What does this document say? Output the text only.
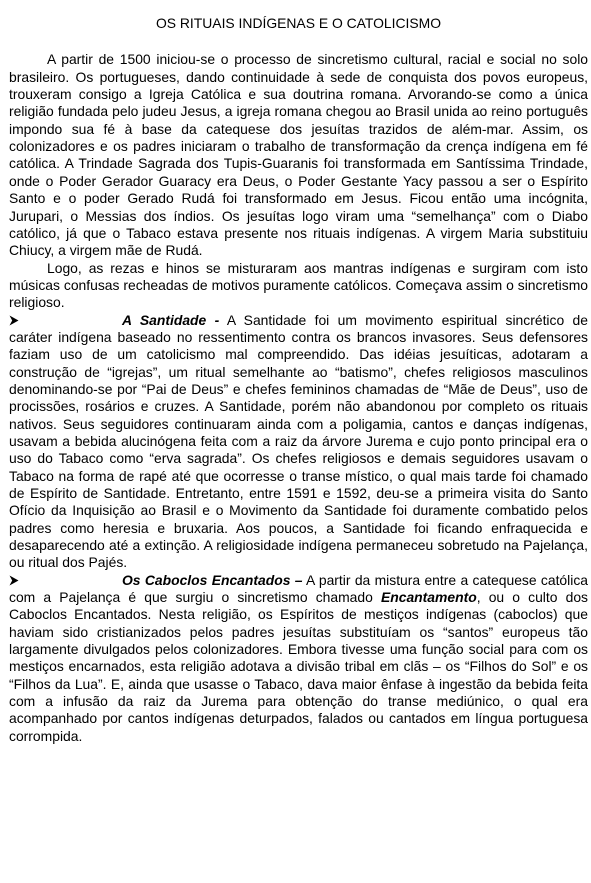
OS RITUAIS INDÍGENAS E O CATOLICISMO

A partir de 1500 iniciou-se o processo de sincretismo cultural, racial e social no solo brasileiro. Os portugueses, dando continuidade à sede de conquista dos povos europeus, trouxeram consigo a Igreja Católica e sua doutrina romana. Arvorando-se como a única religião fundada pelo judeu Jesus, a igreja romana chegou ao Brasil unida ao reino português impondo sua fé à base da catequese dos jesuítas trazidos de além-mar. Assim, os colonizadores e os padres iniciaram o trabalho de transformação da crença indígena em fé católica. A Trindade Sagrada dos Tupis-Guaranis foi transformada em Santíssima Trindade, onde o Poder Gerador Guaracy era Deus, o Poder Gestante Yacy passou a ser o Espírito Santo e o poder Gerado Rudá foi transformado em Jesus. Ficou então uma incógnita, Jurupari, o Messias dos índios. Os jesuítas logo viram uma “semelhança” com o Diabo católico, já que o Tabaco estava presente nos rituais indígenas. A virgem Maria substituiu Chiucy, a virgem mãe de Rudá.

Logo, as rezas e hinos se misturaram aos mantras indígenas e surgiram com isto músicas confusas recheadas de motivos puramente católicos. Começava assim o sincretismo religioso.

A Santidade - A Santidade foi um movimento espiritual sincrético de caráter indígena baseado no ressentimento contra os brancos invasores. Seus defensores faziam uso de um catolicismo mal compreendido. Das idéias jesuíticas, adotaram a construção de “igrejas”, um ritual semelhante ao “batismo”, chefes religiosos masculinos denominando-se por “Pai de Deus” e chefes femininos chamadas de “Mãe de Deus”, uso de procissões, rosários e cruzes. A Santidade, porém não abandonou por completo os rituais nativos. Seus seguidores continuaram ainda com a poligamia, cantos e danças indígenas, usavam a bebida alucinógena feita com a raiz da árvore Jurema e cujo ponto principal era o uso do Tabaco como “erva sagrada”. Os chefes religiosos e demais seguidores usavam o Tabaco na forma de rapé até que ocorresse o transe místico, o qual mais tarde foi chamado de Espírito de Santidade. Entretanto, entre 1591 e 1592, deu-se a primeira visita do Santo Ofício da Inquisição ao Brasil e o Movimento da Santidade foi duramente combatido pelos padres como heresia e bruxaria. Aos poucos, a Santidade foi ficando enfraquecida e desaparecendo até a extinção. A religiosidade indígena permaneceu sobretudo na Pajelança, ou ritual dos Pajés.

Os Caboclos Encantados – A partir da mistura entre a catequese católica com a Pajelança é que surgiu o sincretismo chamado Encantamento, ou o culto dos Caboclos Encantados. Nesta religião, os Espíritos de mestiços indígenas (caboclos) que haviam sido cristianizados pelos padres jesuítas substituíam os “santos” europeus tão largamente divulgados pelos colonizadores. Embora tivesse uma função social para com os mestiços encarnados, esta religião adotava a divisão tribal em clãs – os “Filhos do Sol” e os “Filhos da Lua”. E, ainda que usasse o Tabaco, dava maior ênfase à ingestão da bebida feita com a infusão da raiz da Jurema para obtenção do transe mediúnico, o qual era acompanhado por cantos indígenas deturpados, falados ou cantados em língua portuguesa corrompida.
